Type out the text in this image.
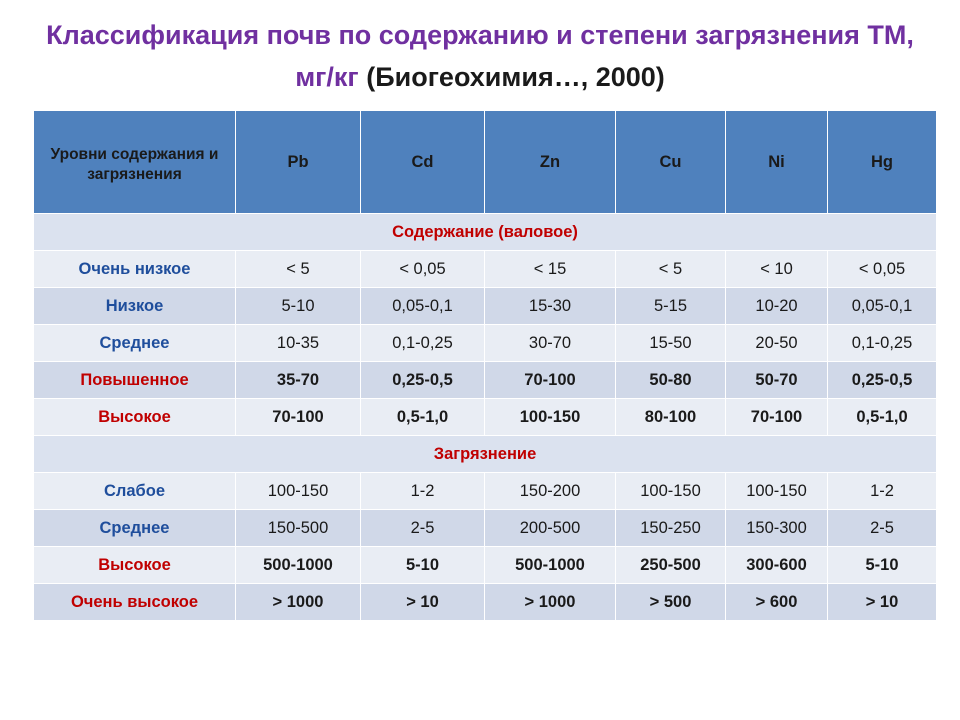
Классификация почв по содержанию и степени загрязнения ТМ, мг/кг (Биогеохимия…, 2000)
Уровни содержания и загрязнения	Pb	Cd	Zn	Cu	Ni	Hg
Содержание (валовое)						
Очень низкое	< 5	< 0,05	< 15	< 5	< 10	< 0,05
Низкое	5-10	0,05-0,1	15-30	5-15	10-20	0,05-0,1
Среднее	10-35	0,1-0,25	30-70	15-50	20-50	0,1-0,25
Повышенное	35-70	0,25-0,5	70-100	50-80	50-70	0,25-0,5
Высокое	70-100	0,5-1,0	100-150	80-100	70-100	0,5-1,0
Загрязнение						
Слабое	100-150	1-2	150-200	100-150	100-150	1-2
Среднее	150-500	2-5	200-500	150-250	150-300	2-5
Высокое	500-1000	5-10	500-1000	250-500	300-600	5-10
Очень высокое	> 1000	> 10	> 1000	> 500	> 600	> 10
